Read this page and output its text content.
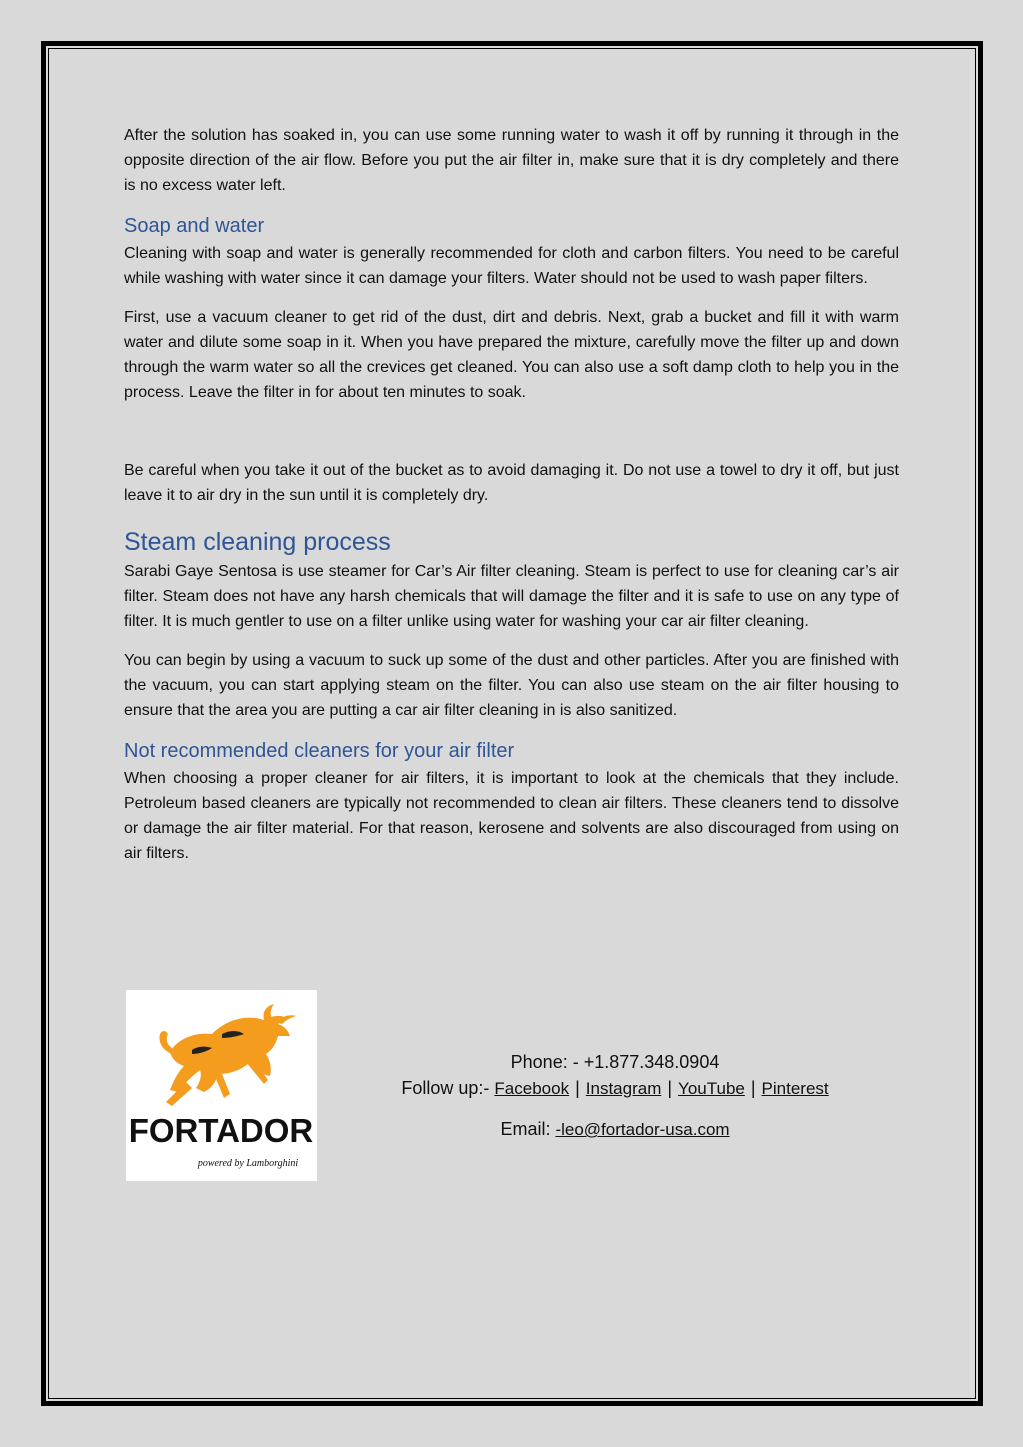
After the solution has soaked in, you can use some running water to wash it off by running it through in the opposite direction of the air flow. Before you put the air filter in, make sure that it is dry completely and there is no excess water left.

Soap and water

Cleaning with soap and water is generally recommended for cloth and carbon filters. You need to be careful while washing with water since it can damage your filters. Water should not be used to wash paper filters.

First, use a vacuum cleaner to get rid of the dust, dirt and debris. Next, grab a bucket and fill it with warm water and dilute some soap in it. When you have prepared the mixture, carefully move the filter up and down through the warm water so all the crevices get cleaned. You can also use a soft damp cloth to help you in the process. Leave the filter in for about ten minutes to soak.

Be careful when you take it out of the bucket as to avoid damaging it. Do not use a towel to dry it off, but just leave it to air dry in the sun until it is completely dry.

Steam cleaning process

Sarabi Gaye Sentosa is use steamer for Car’s Air filter cleaning. Steam is perfect to use for cleaning car’s air filter. Steam does not have any harsh chemicals that will damage the filter and it is safe to use on any type of filter. It is much gentler to use on a filter unlike using water for washing your car air filter cleaning.

You can begin by using a vacuum to suck up some of the dust and other particles. After you are finished with the vacuum, you can start applying steam on the filter. You can also use steam on the air filter housing to ensure that the area you are putting a car air filter cleaning in is also sanitized.

Not recommended cleaners for your air filter

When choosing a proper cleaner for air filters, it is important to look at the chemicals that they include. Petroleum based cleaners are typically not recommended to clean air filters. These cleaners tend to dissolve or damage the air filter material. For that reason, kerosene and solvents are also discouraged from using on air filters.

FORTADOR
powered by Lamborghini
Phone: - +1.877.348.0904
Follow up:- Facebook | Instagram | YouTube | Pinterest
Email: -leo@fortador-usa.com
